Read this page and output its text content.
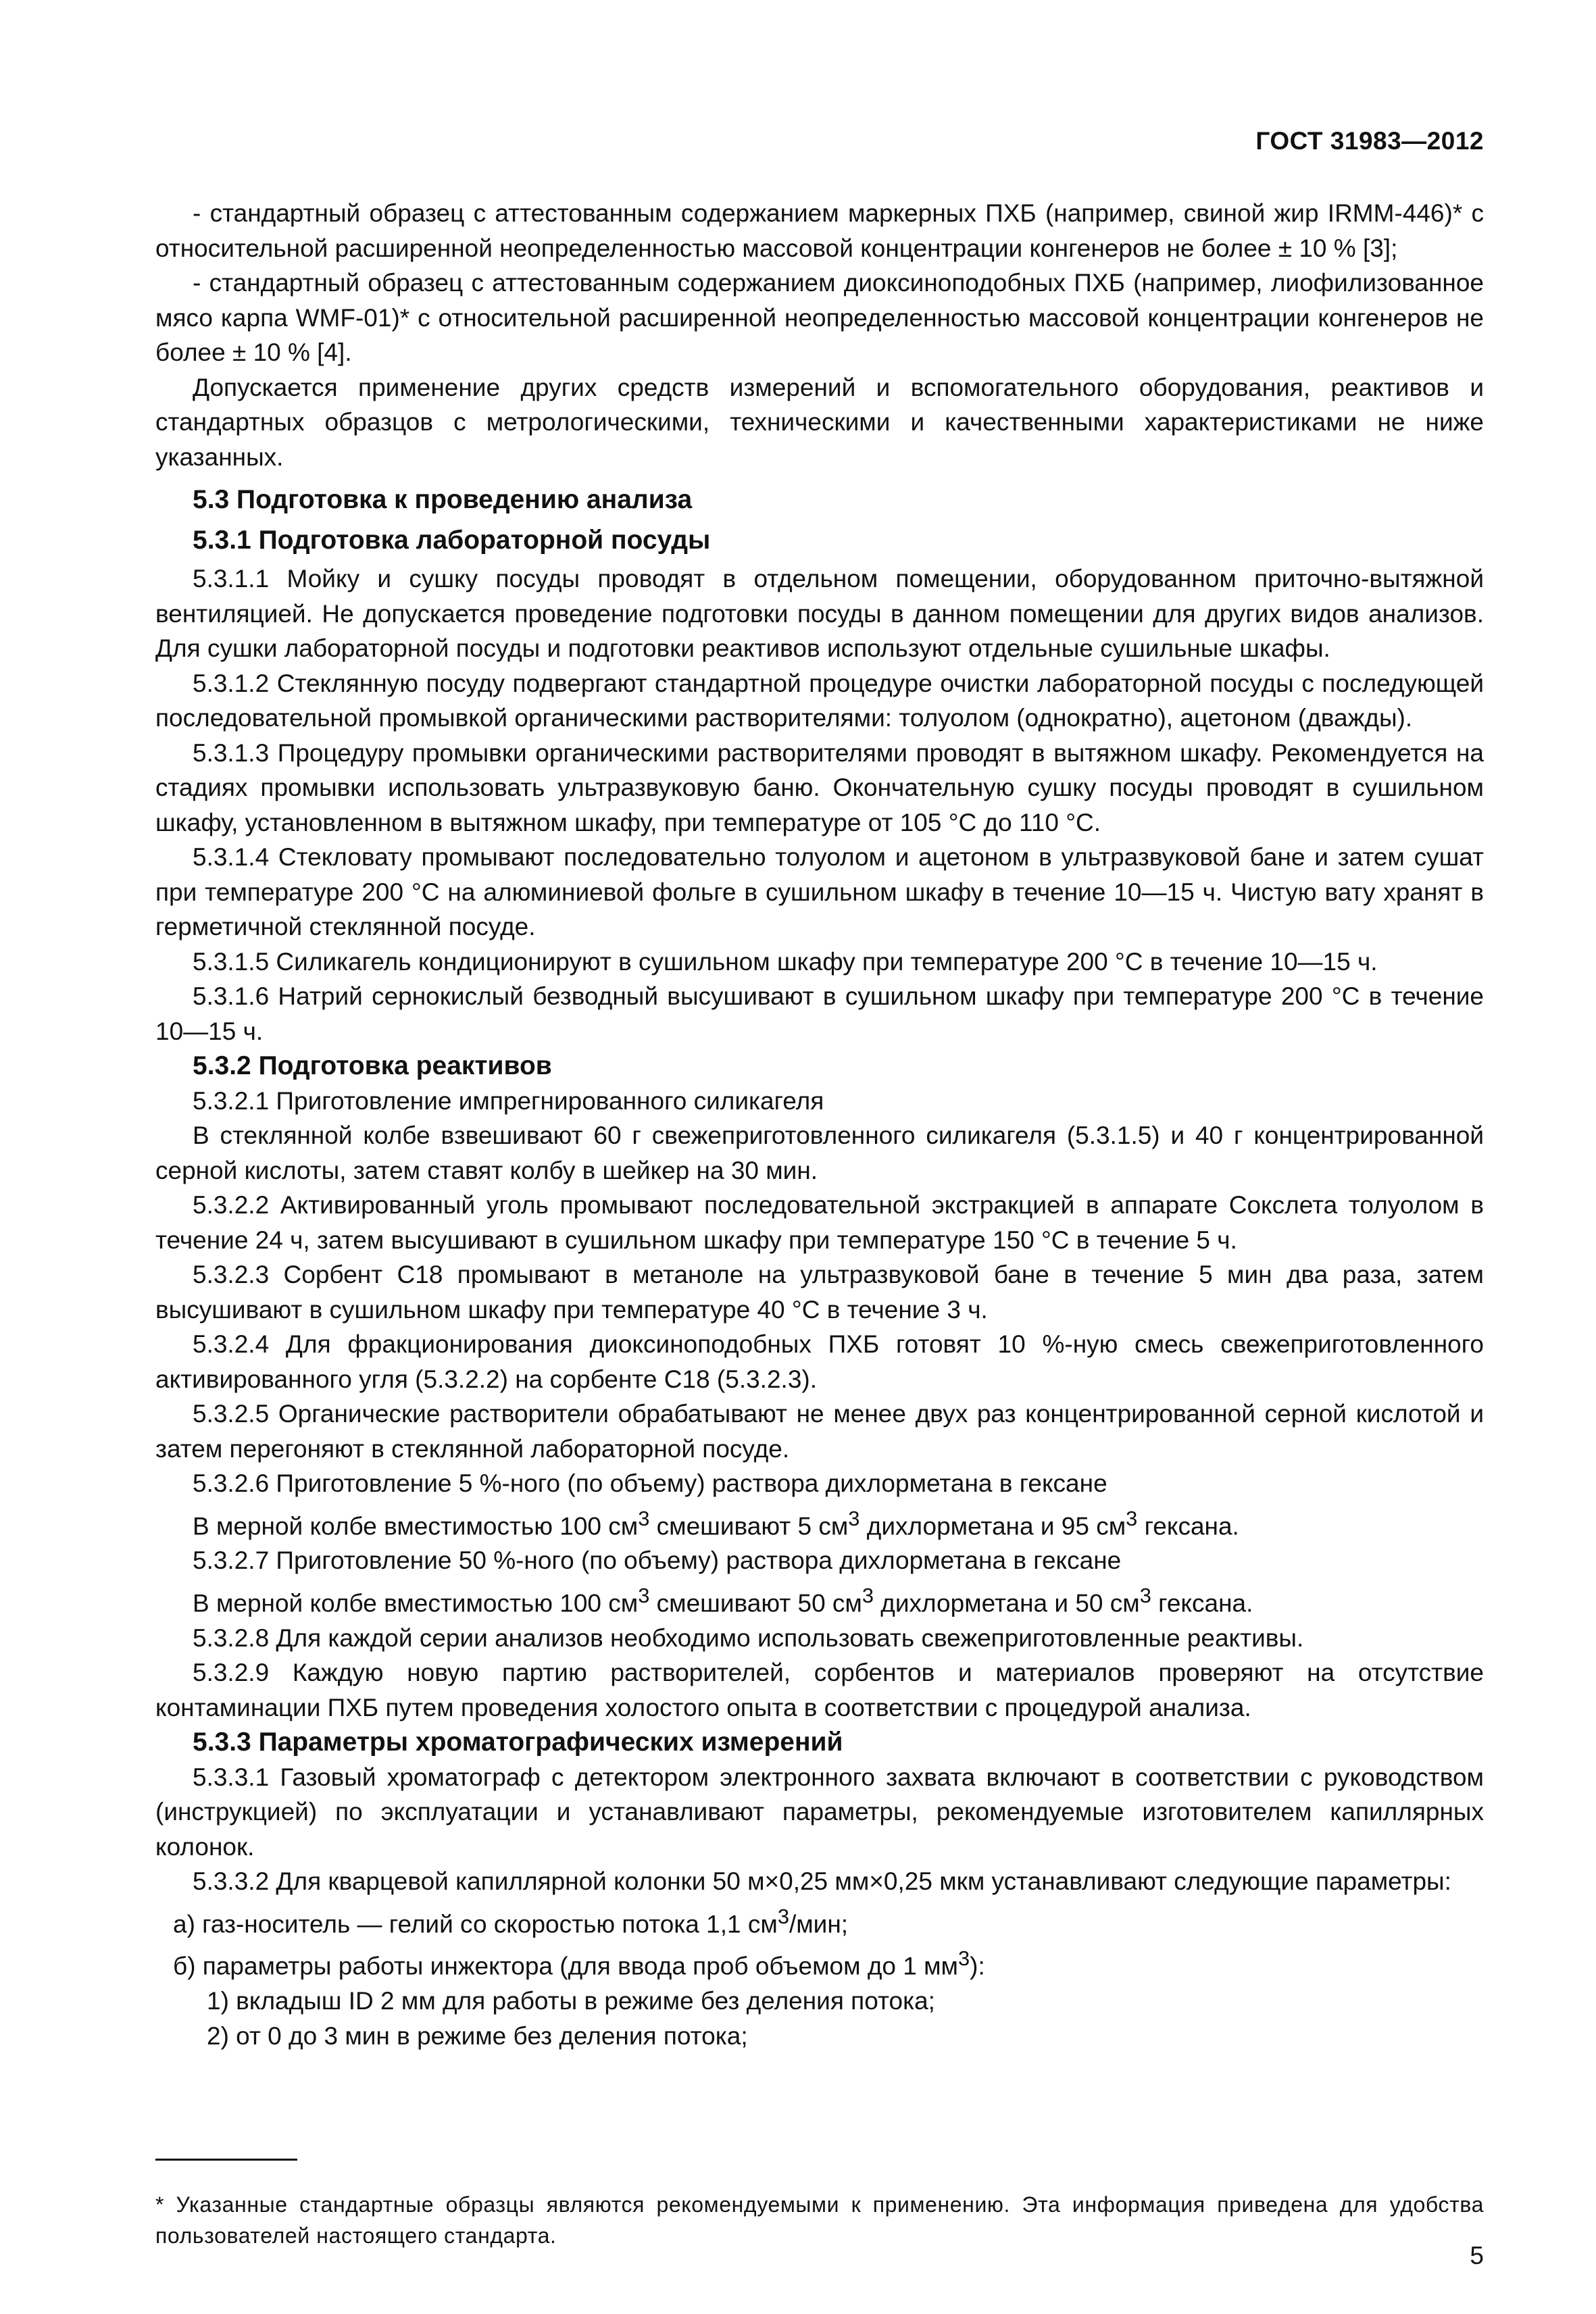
ГОСТ 31983—2012

- стандартный образец с аттестованным содержанием маркерных ПХБ (например, свиной жир IRMM-446)* с относительной расширенной неопределенностью массовой концентрации конгенеров не более ± 10 % [3];

- стандартный образец с аттестованным содержанием диоксиноподобных ПХБ (например, лиофилизованное мясо карпа WMF-01)* с относительной расширенной неопределенностью массовой концентрации конгенеров не более ± 10 % [4].

Допускается применение других средств измерений и вспомогательного оборудования, реактивов и стандартных образцов с метрологическими, техническими и качественными характеристиками не ниже указанных.

5.3 Подготовка к проведению анализа

5.3.1 Подготовка лабораторной посуды

5.3.1.1 Мойку и сушку посуды проводят в отдельном помещении, оборудованном приточно-вытяжной вентиляцией. Не допускается проведение подготовки посуды в данном помещении для других видов анализов. Для сушки лабораторной посуды и подготовки реактивов используют отдельные сушильные шкафы.

5.3.1.2 Стеклянную посуду подвергают стандартной процедуре очистки лабораторной посуды с последующей последовательной промывкой органическими растворителями: толуолом (однократно), ацетоном (дважды).

5.3.1.3 Процедуру промывки органическими растворителями проводят в вытяжном шкафу. Рекомендуется на стадиях промывки использовать ультразвуковую баню. Окончательную сушку посуды проводят в сушильном шкафу, установленном в вытяжном шкафу, при температуре от 105 °С до 110 °С.

5.3.1.4 Стекловату промывают последовательно толуолом и ацетоном в ультразвуковой бане и затем сушат при температуре 200 °С на алюминиевой фольге в сушильном шкафу в течение 10—15 ч. Чистую вату хранят в герметичной стеклянной посуде.

5.3.1.5 Силикагель кондиционируют в сушильном шкафу при температуре 200 °С в течение 10—15 ч.

5.3.1.6 Натрий сернокислый безводный высушивают в сушильном шкафу при температуре 200 °С в течение 10—15 ч.

5.3.2 Подготовка реактивов

5.3.2.1 Приготовление импрегнированного силикагеля

В стеклянной колбе взвешивают 60 г свежеприготовленного силикагеля (5.3.1.5) и 40 г концентрированной серной кислоты, затем ставят колбу в шейкер на 30 мин.

5.3.2.2 Активированный уголь промывают последовательной экстракцией в аппарате Сокслета толуолом в течение 24 ч, затем высушивают в сушильном шкафу при температуре 150 °С в течение 5 ч.

5.3.2.3 Сорбент С18 промывают в метаноле на ультразвуковой бане в течение 5 мин два раза, затем высушивают в сушильном шкафу при температуре 40 °С в течение 3 ч.

5.3.2.4 Для фракционирования диоксиноподобных ПХБ готовят 10 %-ную смесь свежеприготовленного активированного угля (5.3.2.2) на сорбенте С18 (5.3.2.3).

5.3.2.5 Органические растворители обрабатывают не менее двух раз концентрированной серной кислотой и затем перегоняют в стеклянной лабораторной посуде.

5.3.2.6 Приготовление 5 %-ного (по объему) раствора дихлорметана в гексане

В мерной колбе вместимостью 100 $см^3$ смешивают 5 $см^3$ дихлорметана и 95 $см^3$ гексана.

5.3.2.7 Приготовление 50 %-ного (по объему) раствора дихлорметана в гексане

В мерной колбе вместимостью 100 $см^3$ смешивают 50 $см^3$ дихлорметана и 50 $см^3$ гексана.

5.3.2.8 Для каждой серии анализов необходимо использовать свежеприготовленные реактивы.

5.3.2.9 Каждую новую партию растворителей, сорбентов и материалов проверяют на отсутствие контаминации ПХБ путем проведения холостого опыта в соответствии с процедурой анализа.

5.3.3 Параметры хроматографических измерений

5.3.3.1 Газовый хроматограф с детектором электронного захвата включают в соответствии с руководством (инструкцией) по эксплуатации и устанавливают параметры, рекомендуемые изготовителем капиллярных колонок.

5.3.3.2 Для кварцевой капиллярной колонки 50 м×0,25 мм×0,25 мкм устанавливают следующие параметры:

а) газ-носитель — гелий со скоростью потока 1,1 $см^3$/мин;

б) параметры работы инжектора (для ввода проб объемом до 1 $мм^3$):

1) вкладыш ID 2 мм для работы в режиме без деления потока;

2) от 0 до 3 мин в режиме без деления потока;

* Указанные стандартные образцы являются рекомендуемыми к применению. Эта информация приведена для удобства пользователей настоящего стандарта.

5
